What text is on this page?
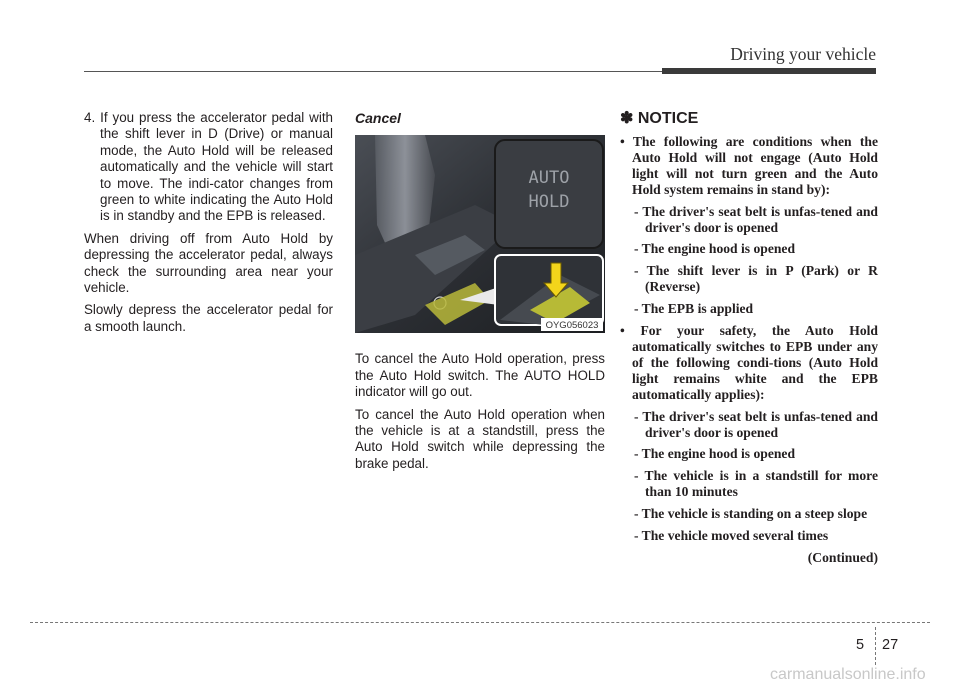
Driving your vehicle

4. If you press the accelerator pedal with the shift lever in D (Drive) or manual mode, the Auto Hold will be released automatically and the vehicle will start to move. The indi-cator changes from green to white indicating the Auto Hold is in standby and the EPB is released.

When driving off from Auto Hold by depressing the accelerator pedal, always check the surrounding area near your vehicle.

Slowly depress the accelerator pedal for a smooth launch.

Cancel
AUTO
HOLD
OYG056023

To cancel the Auto Hold operation, press the Auto Hold switch. The AUTO HOLD indicator will go out.

To cancel the Auto Hold operation when the vehicle is at a standstill, press the Auto Hold switch while depressing the brake pedal.

✽ NOTICE

• The following are conditions when the Auto Hold will not engage (Auto Hold light will not turn green and the Auto Hold system remains in stand by):

- The driver's seat belt is unfas-tened and driver's door is opened

- The engine hood is opened

- The shift lever is in P (Park) or R (Reverse)

- The EPB is applied

• For your safety, the Auto Hold automatically switches to EPB under any of the following condi-tions (Auto Hold light remains white and the EPB automatically applies):

- The driver's seat belt is unfas-tened and driver's door is opened

- The engine hood is opened

- The vehicle is in a standstill for more than 10 minutes

- The vehicle is standing on a steep slope

- The vehicle moved several times

(Continued)

5 27
carmanualsonline.info
